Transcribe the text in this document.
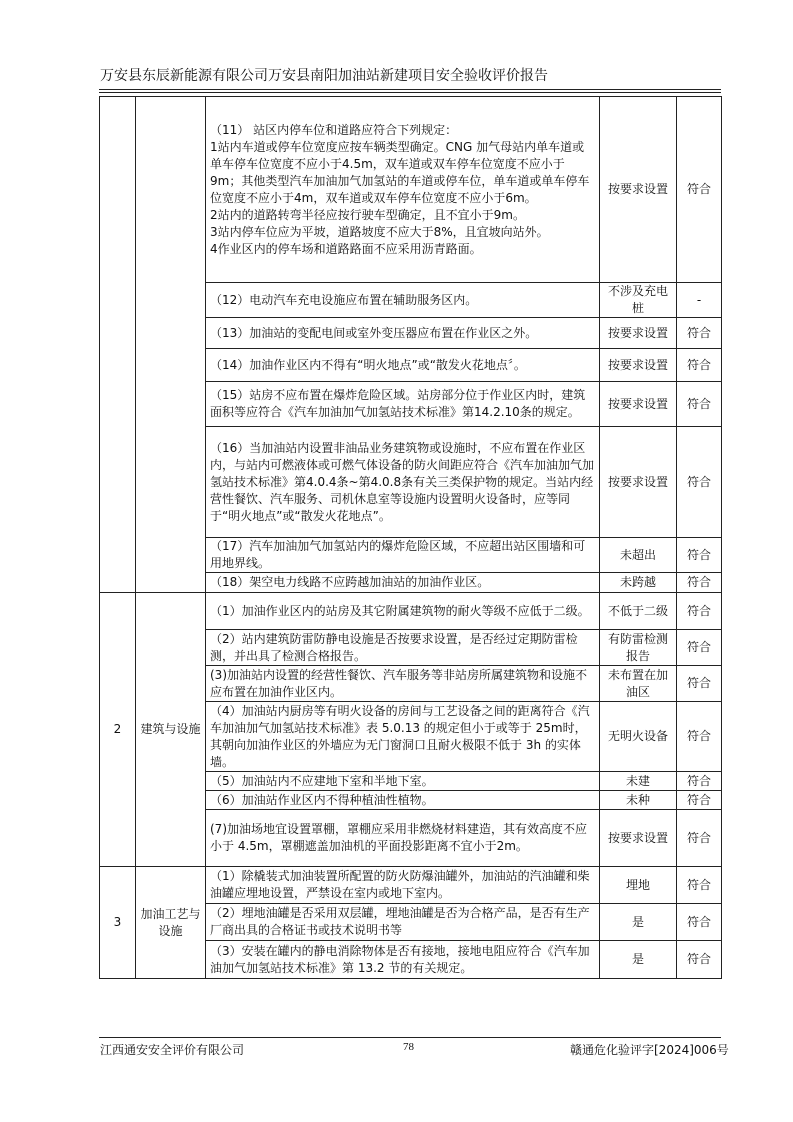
万安县东辰新能源有限公司万安县南阳加油站新建项目安全验收评价报告

		（11） 站区内停车位和道路应符合下列规定：
1站内车道或停车位宽度应按车辆类型确定。CNG 加气母站内单车道或单车停车位宽度不应小于4.5m，双车道或双车停车位宽度不应小于9m；其他类型汽车加油加气加氢站的车道或停车位，单车道或单车停车位宽度不应小于4m，双车道或双车停车位宽度不应小于6m。
2站内的道路转弯半径应按行驶车型确定，且不宜小于9m。
3站内停车位应为平坡，道路坡度不应大于8%，且宜坡向站外。
4作业区内的停车场和道路路面不应采用沥青路面。	按要求设置	符合

		（12）电动汽车充电设施应布置在辅助服务区内。	不涉及充电桩	-

		（13）加油站的变配电间或室外变压器应布置在作业区之外。	按要求设置	符合

		（14）加油作业区内不得有“明火地点”或“散发火花地点〞。	按要求设置	符合

		（15）站房不应布置在爆炸危险区域。站房部分位于作业区内时，建筑面积等应符合《汽车加油加气加氢站技术标准》第14.2.10条的规定。	按要求设置	符合

		（16）当加油站内设置非油品业务建筑物或设施时，不应布置在作业区内，与站内可燃液体或可燃气体设备的防火间距应符合《汽车加油加气加氢站技术标准》第4.0.4条~第4.0.8条有关三类保护物的规定。当站内经营性餐饮、汽车服务、司机休息室等设施内设置明火设备时，应等同于“明火地点”或“散发火花地点”。	按要求设置	符合

		（17）汽车加油加气加氢站内的爆炸危险区域，不应超出站区围墙和可用地界线。	未超出	符合

		（18）架空电力线路不应跨越加油站的加油作业区。	未跨越	符合
2	建筑与设施	（1）加油作业区内的站房及其它附属建筑物的耐火等级不应低于二级。	不低于二级	符合

		（2）站内建筑防雷防静电设施是否按要求设置，是否经过定期防雷检测，并出具了检测合格报告。	有防雷检测报告	符合

		(3)加油站内设置的经营性餐饮、汽车服务等非站房所属建筑物和设施不应布置在加油作业区内。	未布置在加油区	符合

		（4）加油站内厨房等有明火设备的房间与工艺设备之间的距离符合《汽车加油加气加氢站技术标准》表 5.0.13 的规定但小于或等于 25m时，其朝向加油作业区的外墙应为无门窗洞口且耐火极限不低于 3h 的实体墙。	无明火设备	符合

		（5）加油站内不应建地下室和半地下室。	未建	符合

		（6）加油站作业区内不得种植油性植物。	未种	符合

		(7)加油场地宜设置罩棚，罩棚应采用非燃烧材料建造，其有效高度不应小于 4.5m，罩棚遮盖加油机的平面投影距离不宜小于2m。	按要求设置	符合
3	加油工艺与设施	（1）除橇装式加油装置所配置的防火防爆油罐外，加油站的汽油罐和柴油罐应埋地设置，严禁设在室内或地下室内。	埋地	符合

		（2）埋地油罐是否采用双层罐，埋地油罐是否为合格产品，是否有生产厂商出具的合格证书或技术说明书等	是	符合

		（3）安装在罐内的静电消除物体是否有接地，接地电阻应符合《汽车加油加气加氢站技术标准》第 13.2 节的有关规定。	是	符合
江西通安安全评价有限公司	78	赣通危化验评字[2024]006号
